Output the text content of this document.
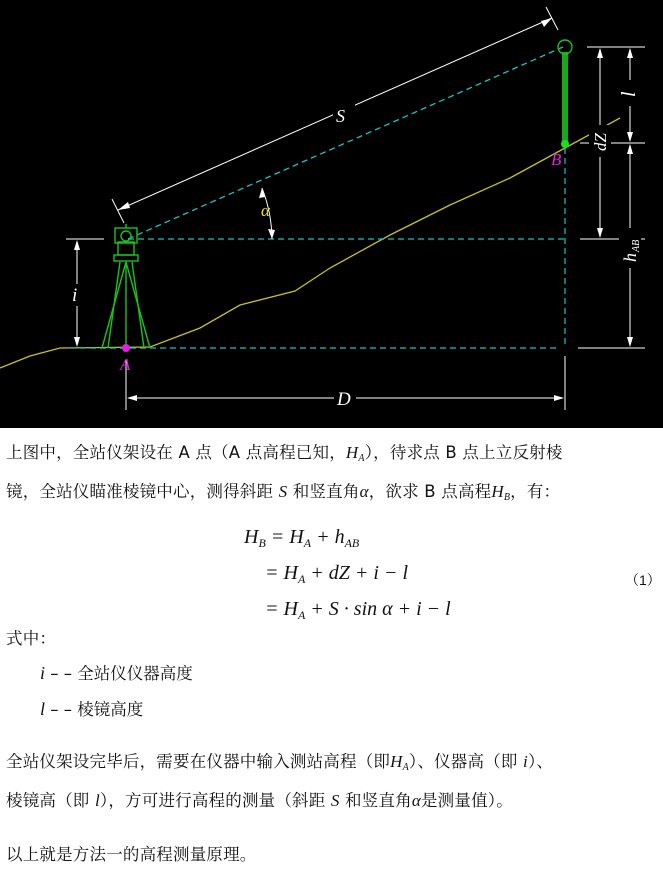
S
α
i
l
dZ
h
AB
D
A
B
上图中，全站仪架设在 A 点（A 点高程已知，$H_A$），待求点 B 点上立反射棱
镜，全站仪瞄准棱镜中心，测得斜距 S 和竖直角α，欲求 B 点高程$H_B$，有：
$H_B = H_A + h_{AB}$
= $H_A$ + dZ + i − l
= $H_A + S \cdot \sin \alpha + i - l$
（1）
式中：
i – – 全站仪仪器高度
l – – 棱镜高度
全站仪架设完毕后，需要在仪器中输入测站高程（即$H_A$）、仪器高（即 i）、
棱镜高（即 l），方可进行高程的测量（斜距 S 和竖直角α是测量值）。
以上就是方法一的高程测量原理。
